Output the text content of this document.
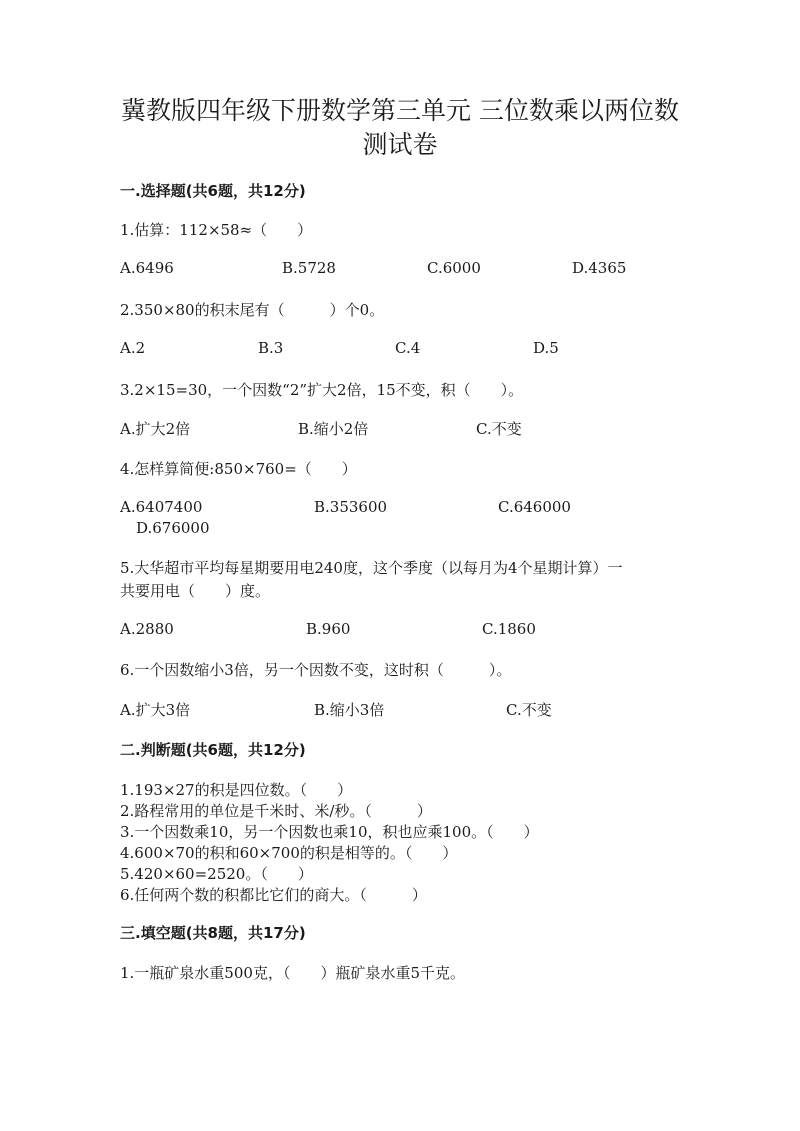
冀教版四年级下册数学第三单元 三位数乘以两位数
测试卷
一.选择题(共6题，共12分)
1.估算：112×58≈（　　）
A.6496	B.5728	C.6000	D.4365
2.350×80的积末尾有（　　　）个0。
A.2	B.3	C.4	D.5
3.2×15=30，一个因数“2”扩大2倍，15不变，积（　　）。
A.扩大2倍	B.缩小2倍	C.不变
4.怎样算简便:850×760=（　　）
A.6407400	B.353600	C.646000
D.676000
5.大华超市平均每星期要用电240度，这个季度（以每月为4个星期计算）一
共要用电（　　）度。
A.2880	B.960	C.1860
6.一个因数缩小3倍，另一个因数不变，这时积（　　　）。
A.扩大3倍	B.缩小3倍	C.不变
二.判断题(共6题，共12分)
1.193×27的积是四位数。（　　）
2.路程常用的单位是千米时、米/秒。（　　　）
3.一个因数乘10，另一个因数也乘10，积也应乘100。（　　）
4.600×70的积和60×700的积是相等的。（　　）
5.420×60=2520。（　　）
6.任何两个数的积都比它们的商大。（　　　）
三.填空题(共8题，共17分)
1.一瓶矿泉水重500克，（　　）瓶矿泉水重5千克。
